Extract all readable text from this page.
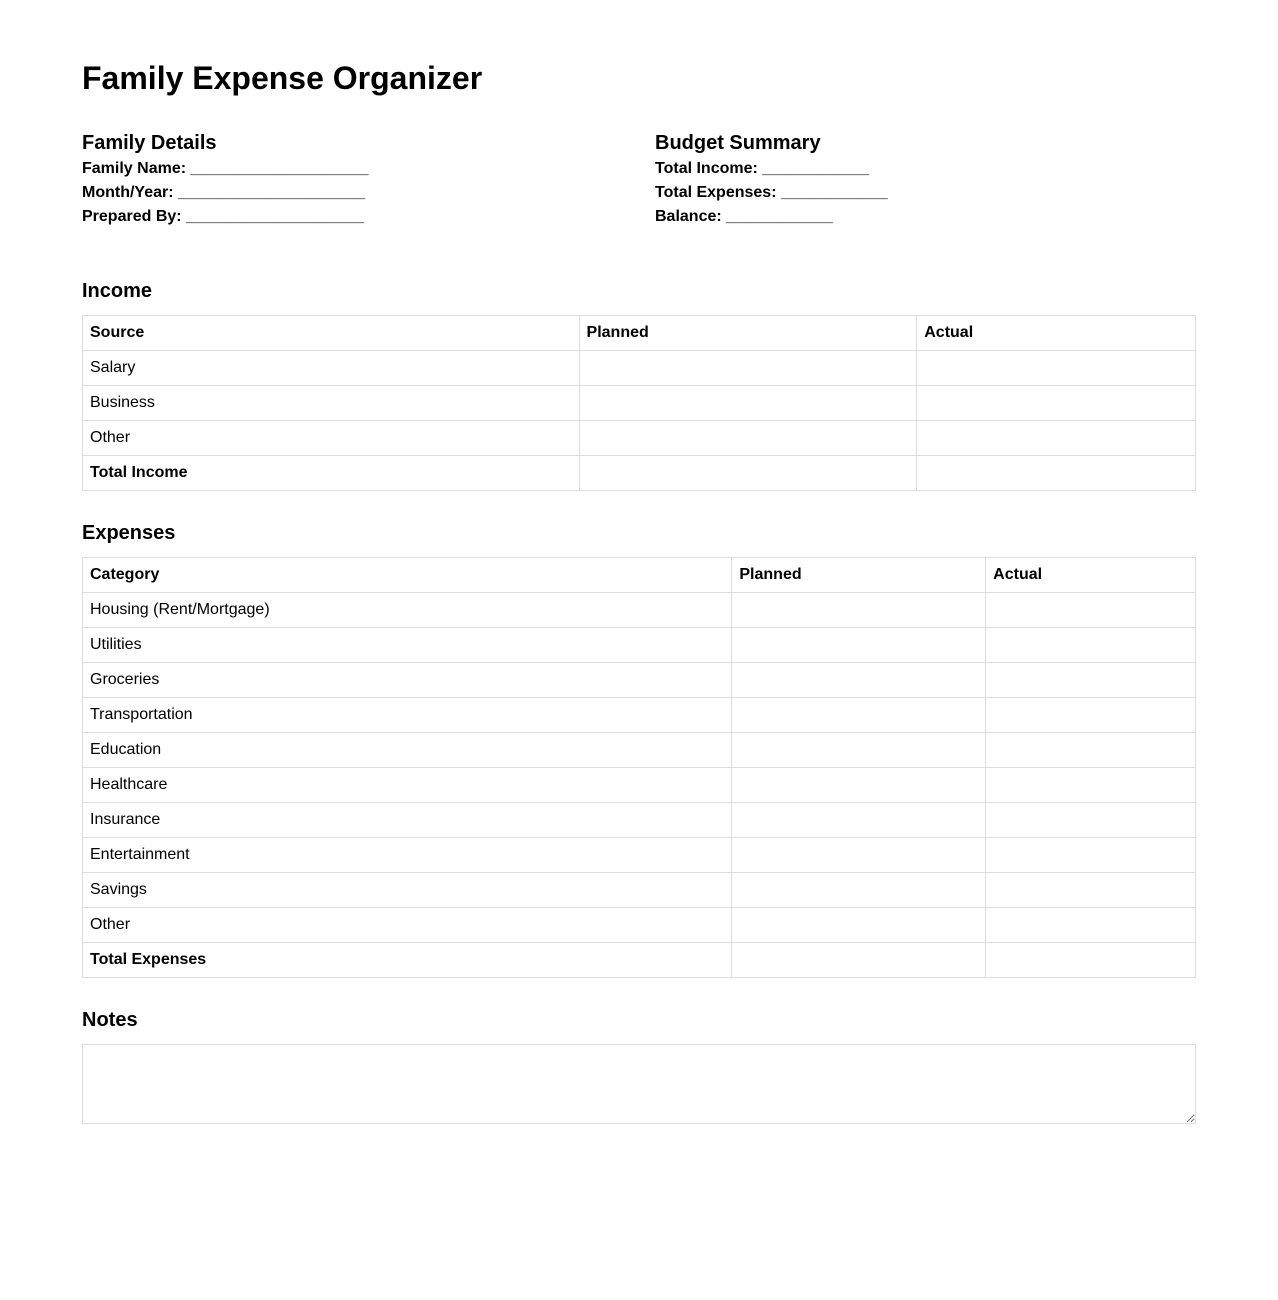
Family Expense Organizer
Family Details
Family Name: ____________________
Month/Year: _____________________
Prepared By: ____________________
Budget Summary
Total Income: ____________
Total Expenses: ____________
Balance: ____________
Income
Source	Planned	Actual
Salary		
Business		
Other		
Total Income		
Expenses
Category	Planned	Actual
Housing (Rent/Mortgage)		
Utilities		
Groceries		
Transportation		
Education		
Healthcare		
Insurance		
Entertainment		
Savings		
Other		
Total Expenses		
Notes
